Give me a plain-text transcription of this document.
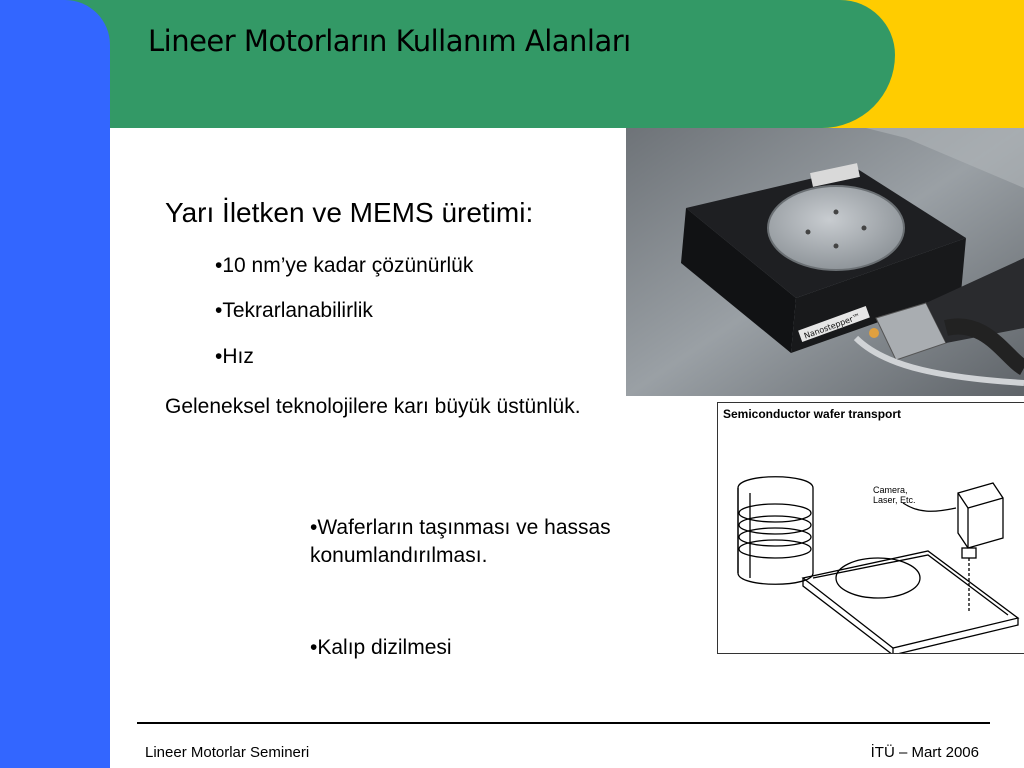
Lineer Motorların Kullanım Alanları
Yarı İletken ve MEMS üretimi:
•10 nm’ye kadar çözünürlük
•Tekrarlanabilirlik
•Hız
Geleneksel teknolojilere karı büyük üstünlük.
•Waferların taşınması ve hassas konumlandırılması.
•Kalıp dizilmesi
Nanostepper™
Semiconductor wafer transport
Camera, Laser, Etc.
Lineer Motorlar Semineri	İTÜ – Mart 2006
